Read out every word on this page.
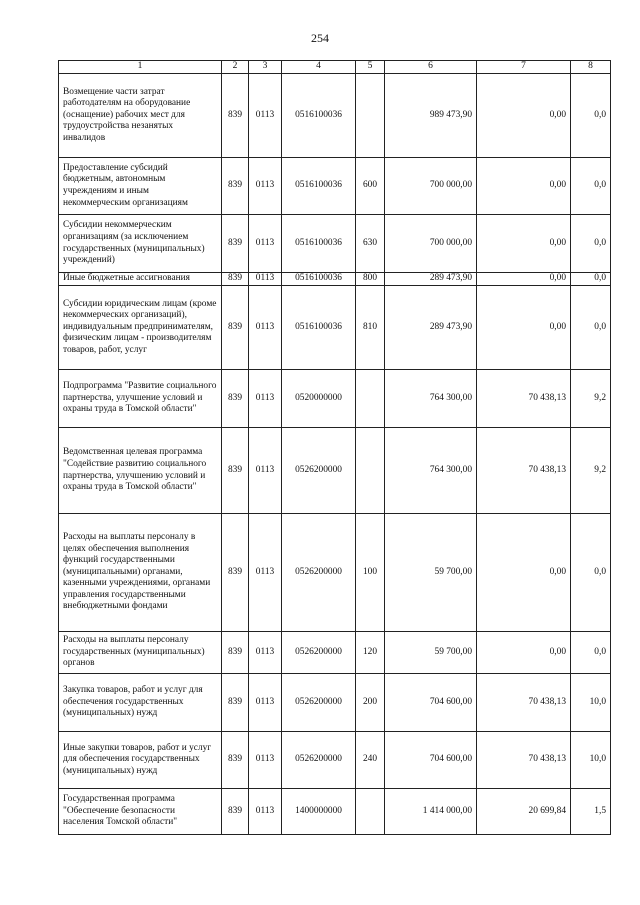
254
1	2	3	4	5	6	7	8
Возмещение части затрат работодателям на оборудование (оснащение) рабочих мест для трудоустройства незанятых инвалидов	839	0113	0516100036		989 473,90	0,00	0,0
Предоставление субсидий бюджетным, автономным учреждениям и иным некоммерческим организациям	839	0113	0516100036	600	700 000,00	0,00	0,0
Субсидии некоммерческим организациям (за исключением государственных (муниципальных) учреждений)	839	0113	0516100036	630	700 000,00	0,00	0,0
Иные бюджетные ассигнования	839	0113	0516100036	800	289 473,90	0,00	0,0
Субсидии юридическим лицам (кроме некоммерческих организаций), индивидуальным предпринимателям, физическим лицам - производителям товаров, работ, услуг	839	0113	0516100036	810	289 473,90	0,00	0,0
Подпрограмма "Развитие социального партнерства, улучшение условий и охраны труда в Томской области"	839	0113	0520000000		764 300,00	70 438,13	9,2
Ведомственная целевая программа "Содействие развитию социального партнерства, улучшению условий и охраны труда в Томской области"	839	0113	0526200000		764 300,00	70 438,13	9,2
Расходы на выплаты персоналу в целях обеспечения выполнения функций государственными (муниципальными) органами, казенными учреждениями, органами управления государственными внебюджетными фондами	839	0113	0526200000	100	59 700,00	0,00	0,0
Расходы на выплаты персоналу государственных (муниципальных) органов	839	0113	0526200000	120	59 700,00	0,00	0,0
Закупка товаров, работ и услуг для обеспечения государственных (муниципальных) нужд	839	0113	0526200000	200	704 600,00	70 438,13	10,0
Иные закупки товаров, работ и услуг для обеспечения государственных (муниципальных) нужд	839	0113	0526200000	240	704 600,00	70 438,13	10,0
Государственная программа "Обеспечение безопасности населения Томской области"	839	0113	1400000000		1 414 000,00	20 699,84	1,5
